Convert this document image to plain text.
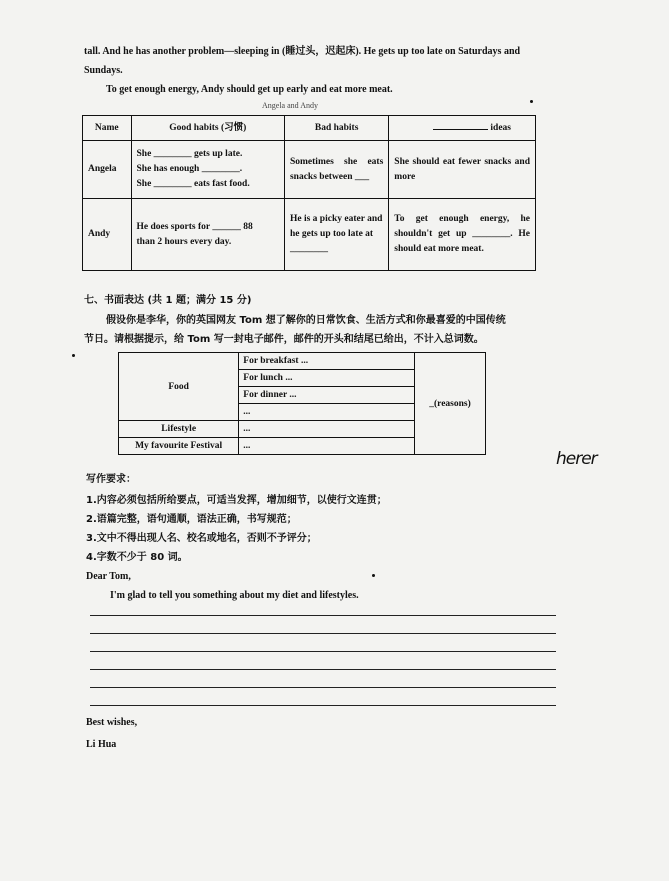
tall. And he has another problem—sleeping in (睡过头，迟起床). He gets up too late on Saturdays and
Sundays.
To get enough energy, Andy should get up early and eat more meat.
Angela and Andy
Name	Good habits (习惯)	Bad habits	ideas
Angela	She ________ gets up late.
She has enough ________.
She ________ eats fast food.	Sometimes she eats snacks between ___	She should eat fewer snacks and more
Andy	He does sports for ______ 88
than 2 hours every day.	He is a picky eater and he gets up too late at ________	To get enough energy, he shouldn't get up ________. He should eat more meat.
七、书面表达 (共 1 题；满分 15 分)
假设你是李华，你的英国网友 Tom 想了解你的日常饮食、生活方式和你最喜爱的中国传统
节日。请根据提示，给 Tom 写一封电子邮件，邮件的开头和结尾已给出，不计入总词数。
Food	For breakfast ...	_(reasons)
	For lunch ...	
	For dinner ...	
	...	
Lifestyle	...	
My favourite Festival	...	
herer
写作要求：
1.内容必须包括所给要点，可适当发挥，增加细节，以使行文连贯；
2.语篇完整，语句通顺，语法正确，书写规范；
3.文中不得出现人名、校名或地名，否则不予评分；
4.字数不少于 80 词。
Dear Tom,
I'm glad to tell you something about my diet and lifestyles.
Best wishes,
Li Hua
